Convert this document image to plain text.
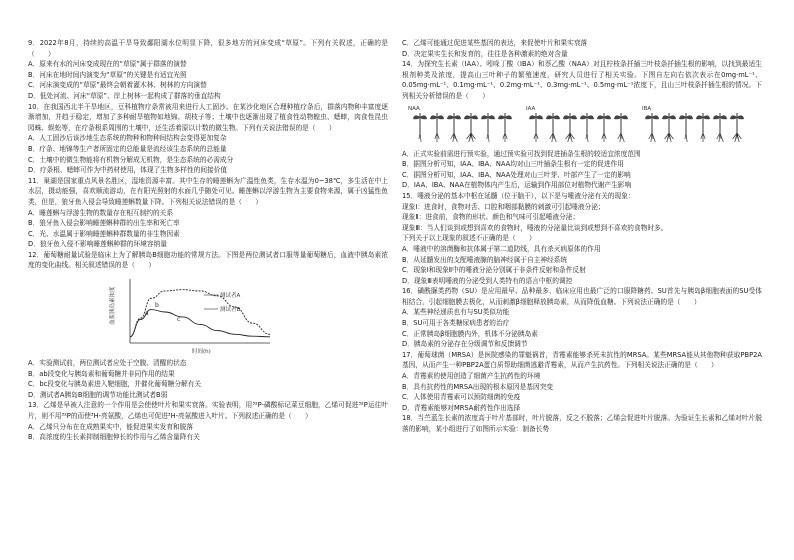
9．2022年8月，持续的高温干旱导致鄱阳湖水位明显下降，很多地方的河床变成“草原”。下列有关叙述，正确的是（　　）

A．原来有水的河床变成现在的“草原”属于群落的演替

B．河床在地时间内演变为“草原”的关键是有适宜光照

C．河床演变成的“草原”最终会朝着灌木林、树林的方向演替

D．低处河流、河床“草原”、岸上树林一起构成了群落的垂直结构

10．在我国西北半干旱地区，豆科植物疗条常被用来进行人工固沙。在某沙化地区合理种植疗条后，群落内物种丰富度逐渐增加，并趋于稳定，增加了多种耐旱植物如地锦、胡枝子等；土壤中也逐渐出现了植食性动物蝗虫、蟋蟀，肉食性昆虫园蛛、蜈蚣等，在疗条根系周围的土壤中，还生活着原以计数的微生物。下列有关说法错误的是（　　）

A．人工固沙后该沙地生态系统的物种和物种间结构会变得更加复杂

B．疗条、地锦等生产者所固定的总能量是流经该生态系统的总能量

C．土壤中的微生物能将有机物分解成无机物，是生态系统的必需成分

D．疗条根、蟋蟀可作为中药材使用，体现了生物多样性的间接价值

11．巢湖是国家重点风景名胜区，湿地资源丰富。其中生存的睡莲蝌为广温性鱼类，生存水温为0~38℃，多生活在中上水层，摄动能强，喜欢顺流游动，在有阳光照射的水面几乎随处可见。睡莲蝌以浮游生物为主要食物来源，属于凶猛性鱼类，但是，狼牙鱼入侵会导致睡莲蝌数量下降。下列相关说法错误的是（　　）

A．睡莲蝌与浮游生物的数量存在相互制约的关系

B．狼牙鱼入侵会影响睡莲蝌种群的出生率和死亡率

C．光、水温属于影响睡莲蝌种群数量的非生物因素

D．狼牙鱼入侵不影响睡莲蝌种群的环境容纳量

12．葡萄糖耐量试验是临床上为了解胰岛B细胞功能的常规方法。下图是两位测试者口服等量葡萄糖后，血液中胰岛素浓度的变化曲线。相关叙述错误的是（　　）

血浆胰岛素浓度
时间(h)
测试者A
测试者B
a
b
c

A．实验测试前，两位测试者应处于空腹、清醒的状态

B．ab段变化与胰岛素和葡萄糖并非同作用的结果

C．bc段变化与胰岛素进入靶细胞，并催化葡萄糖分解有关

D．测试者A胰岛B细胞的调节功能比测试者B弱

13．乙烯是早被人注意的一个作用是会使使叶片和果实衰落。实验表明，用³²P-磷酸标记菜豆细胞，乙烯可促进³²P运往叶片，则不用³²P的而使³H-亮氨酸，乙烯也可促进³H-亮氨酸进入叶片。下列叙述正确的是（　　）

A．乙烯只分布在在成熟果实中，能促进果实发育和脱落

B．高浓度的生长素抑制细胞伸长的作用与乙烯含量降有关

C．乙烯可能通过促进某些基因的表达，来促使叶片和果实衰落

D．决定果实生长和发育的，往往是各种激素的绝对含量

14．为探究生长素（IAA）、吲哚丁酸（IBA）和萘乙酸（NAA）对且柠枝条扦插三叶枝条扦插生根的影响，以找到最适生根剂种类及浓度，提高山三叶种子的繁殖速度，研究人员进行了相关实验。下图自左向右依次表示在0mg·mL⁻¹、0.05mg·mL⁻¹、0.1mg·mL⁻¹、0.2mg·mL⁻¹、0.3mg·mL⁻¹、0.5mg·mL⁻¹浓度下，且山三叶枝条扦插生根的情况。下列相关分析错误的是（　　）

NAA	IAA	IBA

A．正式实验前需进行预实验，通过预实验可找到促进插条生根的较适宜浓度范围

B．据图分析可知，IAA、IBA、NAA均对山三叶插条生根有一定的促进作用

C．据图分析可知，IAA、IBA、NAA处理对山三叶芽、叶部产生了一定的影响

D．IAA、IBA、NAA在植物体内产生后，运输到作用部位对植物代谢产生影响

15．唾液分泌的基本中枢在延髓（位于脑干），以下是与唾液分泌有关的现象：

现象Ⅰ：进食时，食物对舌、口腔和咽部黏膜的刺激可引起唾液分泌；

现象Ⅱ：进食前，食物的形状、颜色和气味可引起唾液分泌；

现象Ⅲ：当人们谈到或想到喜欢的食物时，唾液的分泌量比谈到或想到不喜欢的食物时多。

下列关于以上现象的叙述不正确的是（　　）

A．唾液中的溶菌酶和抗体属于第二道防线，具有杀灭病原体的作用

B．从延髓发出的支配唾液腺的脑神经属于自主神经系统

C．现象Ⅰ和现象Ⅱ中的唾液分泌分别属于非条件反射和条件反射

D．现象Ⅲ表明唾液的分泌受到人类特有的语言中枢的调控

16．磺酰脲类药物（SU）是应用最早、品种最多、临床应用也最广泛的口服降糖药。SU首先与胰岛β细胞表面的SU受体相结合，引起细胞膜去极化，从而刺激β细胞释放胰岛素，从而降低血糖。下列说法正确的是（　　）

A．某些神经递质也有与SU类似功能

B．SU可用于各类糖尿病患者的治疗

C．正常胰岛β细胞膜内外，机体不分泌胰岛素

D．胰岛素的分泌存在分级调节和反馈调节

17．葡萄球菌（MRSA）是医院感染的罪魁祸首，青霉素能够杀死未抗性的MRSA。某些MRSA能从其他物种获取PBP2A基因，从而产生一种PBP2A蛋白质帮助细菌逃避青霉素，从而产生抗药性。下列相关说法正确的是（　　）

A．青霉素的使用创造了细菌产生抗药性的环境

B．具有抗药性的MRSA出现的根本原因是基因突变

C．人体使用青霉素可以预防细菌的免疫

D．青霉素能够对MRSA耐药性作出选择

18．当苎蓝生长素的浓度高于叶片基部时，叶片脱落，反之不脱落；乙烯会促进叶片脱落。为验证生长素和乙烯对叶片脱落的影响，某小组进行了如图所示实验：制备长势
